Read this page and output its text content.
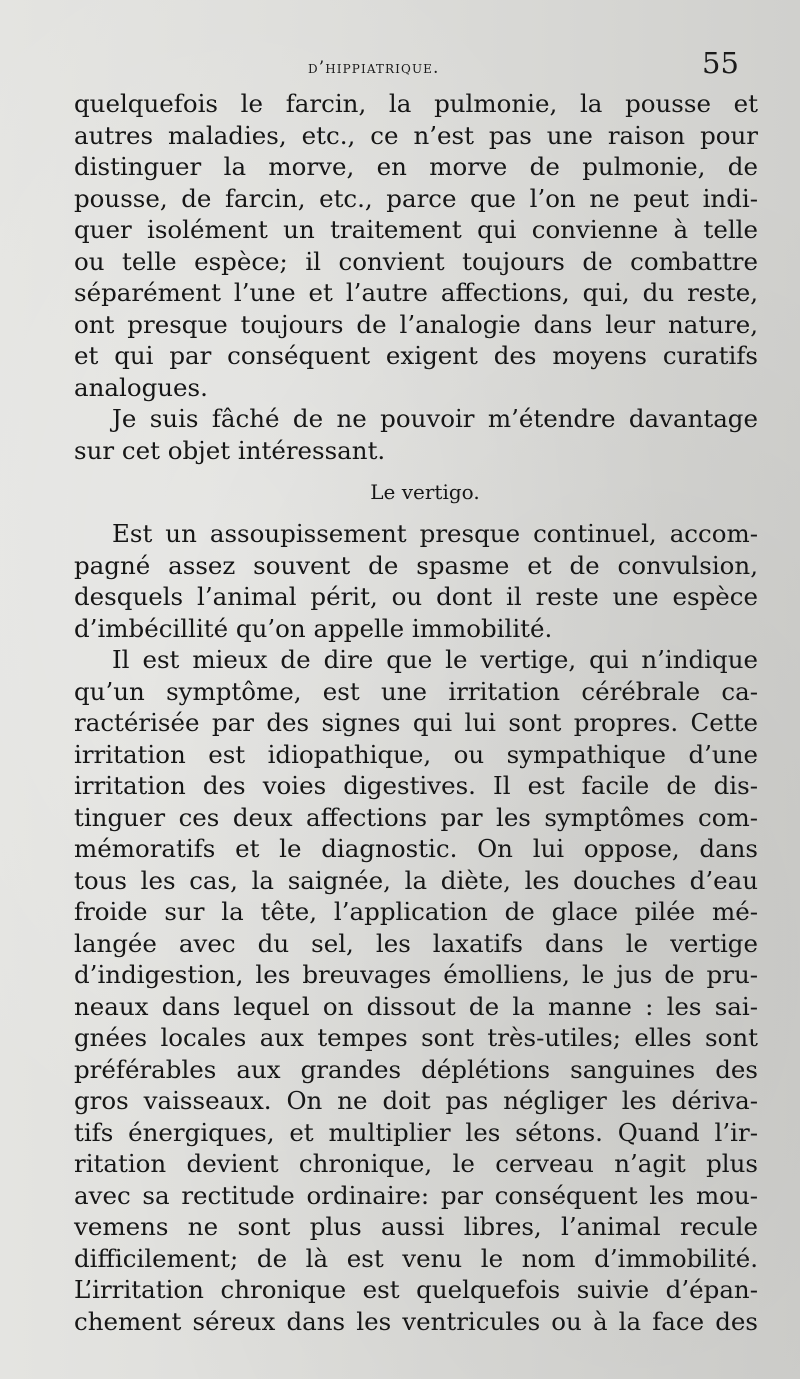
d’hippiatrique.	55
quelquefois le farcin, la pulmonie, la pousse et
autres maladies, etc., ce n’est pas une raison pour
distinguer la morve, en morve de pulmonie, de
pousse, de farcin, etc., parce que l’on ne peut indi-
quer isolément un traitement qui convienne à telle
ou telle espèce; il convient toujours de combattre
séparément l’une et l’autre affections, qui, du reste,
ont presque toujours de l’analogie dans leur nature,
et qui par conséquent exigent des moyens curatifs
analogues.
Je suis fâché de ne pouvoir m’étendre davantage
sur cet objet intéressant.
Le vertigo.
Est un assoupissement presque continuel, accom-
pagné assez souvent de spasme et de convulsion,
desquels l’animal périt, ou dont il reste une espèce
d’imbécillité qu’on appelle immobilité.
Il est mieux de dire que le vertige, qui n’indique
qu’un symptôme, est une irritation cérébrale ca-
ractérisée par des signes qui lui sont propres. Cette
irritation est idiopathique, ou sympathique d’une
irritation des voies digestives. Il est facile de dis-
tinguer ces deux affections par les symptômes com-
mémoratifs et le diagnostic. On lui oppose, dans
tous les cas, la saignée, la diète, les douches d’eau
froide sur la tête, l’application de glace pilée mé-
langée avec du sel, les laxatifs dans le vertige
d’indigestion, les breuvages émolliens, le jus de pru-
neaux dans lequel on dissout de la manne : les sai-
gnées locales aux tempes sont très-utiles; elles sont
préférables aux grandes déplétions sanguines des
gros vaisseaux. On ne doit pas négliger les dériva-
tifs énergiques, et multiplier les sétons. Quand l’ir-
ritation devient chronique, le cerveau n’agit plus
avec sa rectitude ordinaire: par conséquent les mou-
vemens ne sont plus aussi libres, l’animal recule
difficilement; de là est venu le nom d’immobilité.
L’irritation chronique est quelquefois suivie d’épan-
chement séreux dans les ventricules ou à la face des
